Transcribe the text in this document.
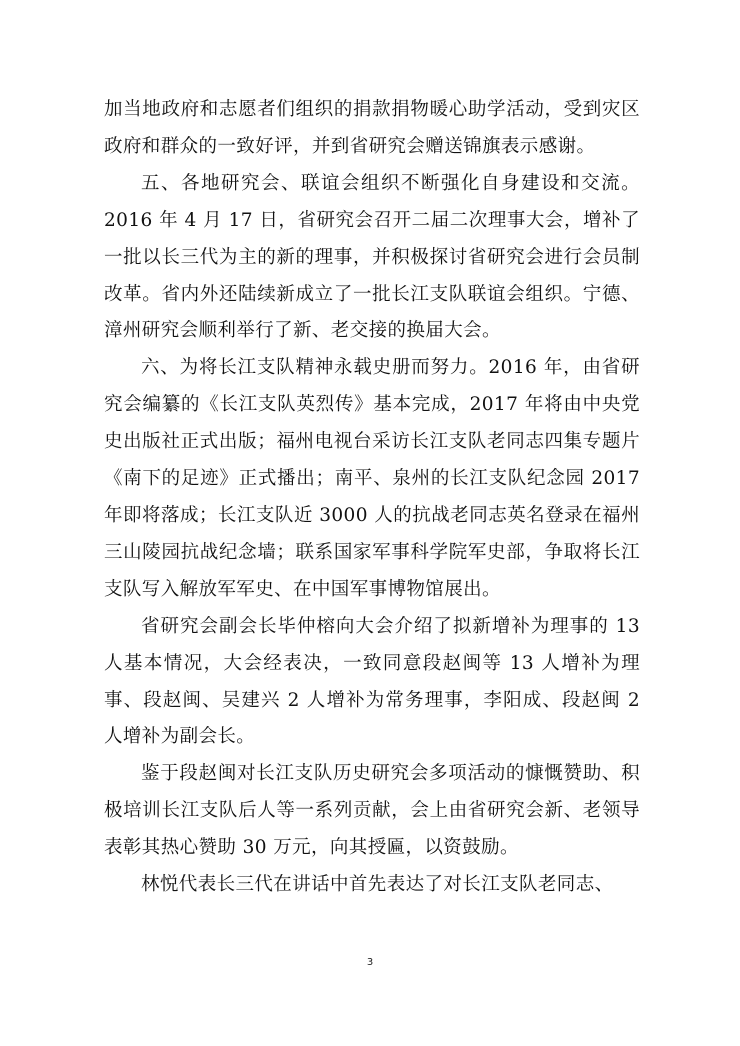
加当地政府和志愿者们组织的捐款捐物暖心助学活动，受到灾区政府和群众的一致好评，并到省研究会赠送锦旗表示感谢。

五、各地研究会、联谊会组织不断强化自身建设和交流。2016 年 4 月 17 日，省研究会召开二届二次理事大会，增补了一批以长三代为主的新的理事，并积极探讨省研究会进行会员制改革。省内外还陆续新成立了一批长江支队联谊会组织。宁德、漳州研究会顺利举行了新、老交接的换届大会。

六、为将长江支队精神永载史册而努力。2016 年，由省研究会编纂的《长江支队英烈传》基本完成，2017 年将由中央党史出版社正式出版；福州电视台采访长江支队老同志四集专题片《南下的足迹》正式播出；南平、泉州的长江支队纪念园 2017 年即将落成；长江支队近 3000 人的抗战老同志英名登录在福州三山陵园抗战纪念墙；联系国家军事科学院军史部，争取将长江支队写入解放军军史、在中国军事博物馆展出。

省研究会副会长毕仲榕向大会介绍了拟新增补为理事的 13 人基本情况，大会经表决，一致同意段赵闽等 13 人增补为理事、段赵闽、吴建兴 2 人增补为常务理事，李阳成、段赵闽 2 人增补为副会长。

鉴于段赵闽对长江支队历史研究会多项活动的慷慨赞助、积极培训长江支队后人等一系列贡献，会上由省研究会新、老领导表彰其热心赞助 30 万元，向其授匾，以资鼓励。

林悦代表长三代在讲话中首先表达了对长江支队老同志、

3
